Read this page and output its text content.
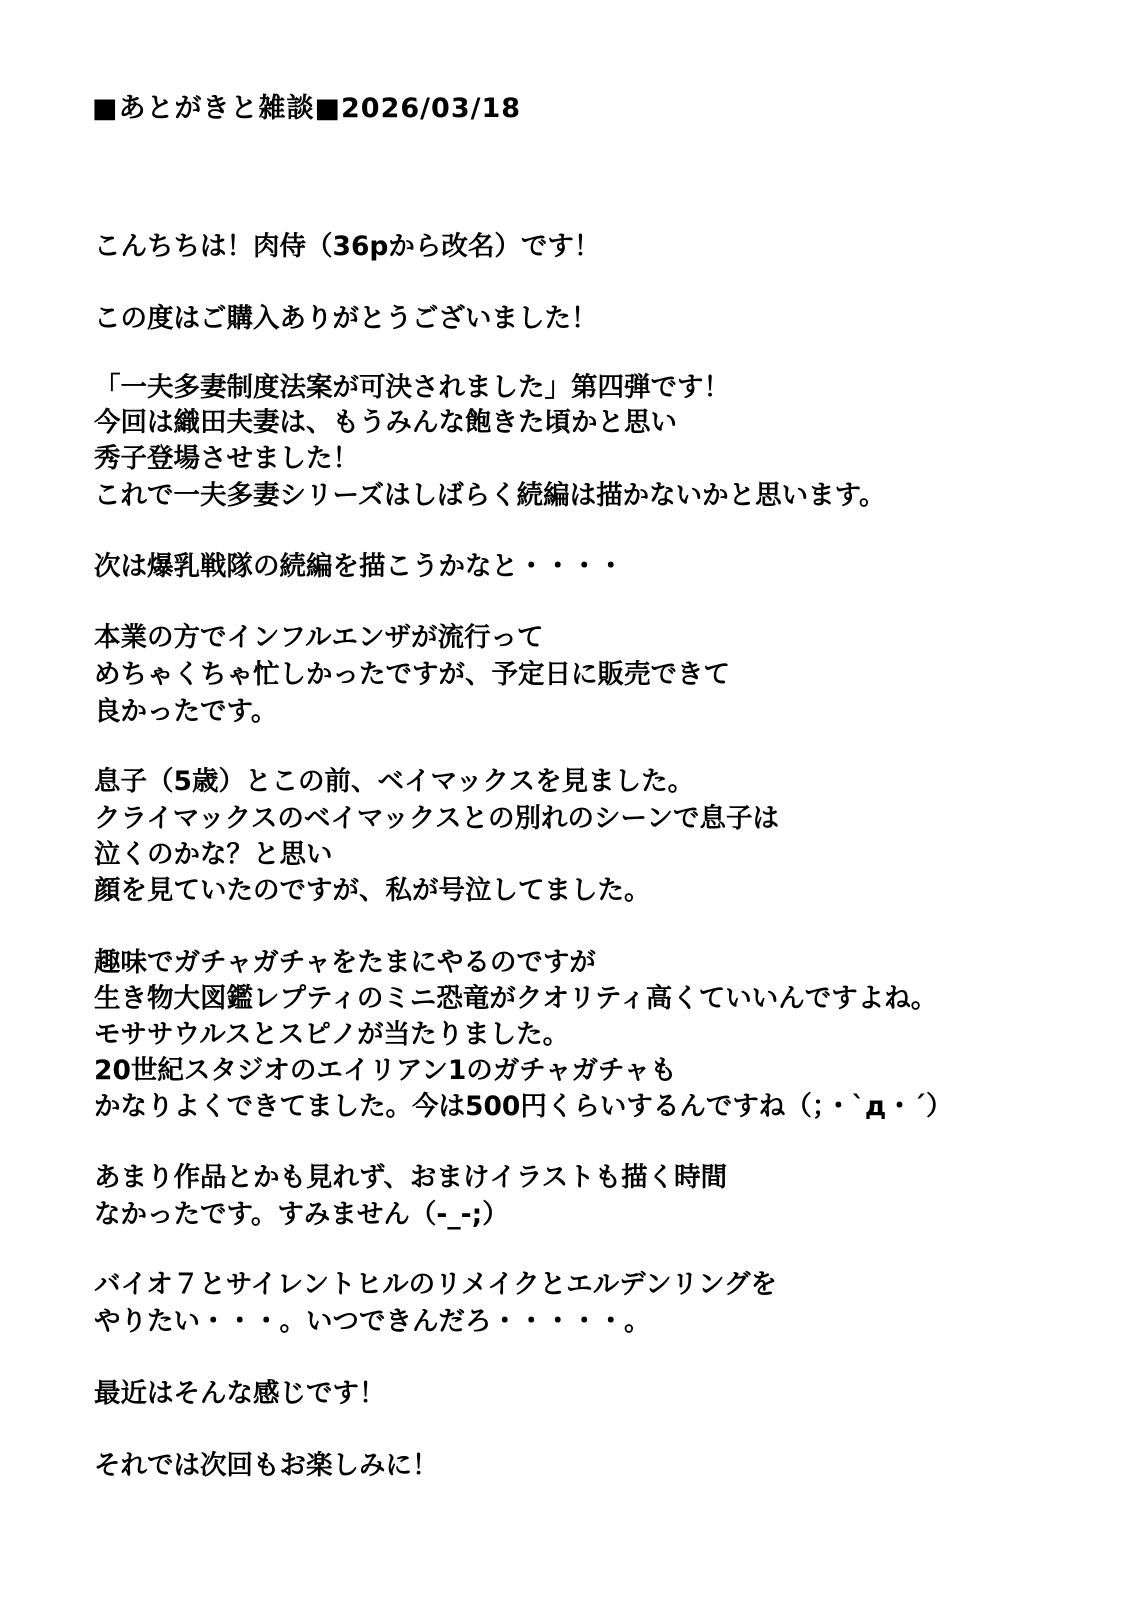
■あとがきと雑談■2026/03/18
こんちちは！肉侍（36pから改名）です！
この度はご購入ありがとうございました！
「一夫多妻制度法案が可決されました」第四弾です！
今回は織田夫妻は、もうみんな飽きた頃かと思い
秀子登場させました！
これで一夫多妻シリーズはしばらく続編は描かないかと思います。
次は爆乳戦隊の続編を描こうかなと・・・・
本業の方でインフルエンザが流行って
めちゃくちゃ忙しかったですが、予定日に販売できて
良かったです。
息子（5歳）とこの前、ベイマックスを見ました。
クライマックスのベイマックスとの別れのシーンで息子は
泣くのかな？と思い
顔を見ていたのですが、私が号泣してました。
趣味でガチャガチャをたまにやるのですが
生き物大図鑑レプティのミニ恐竜がクオリティ高くていいんですよね。
モササウルスとスピノが当たりました。
20世紀スタジオのエイリアン1のガチャガチャも
かなりよくできてました。今は500円くらいするんですね（；・`д・´）
あまり作品とかも見れず、おまけイラストも描く時間
なかったです。すみません（-_-;）
バイオ７とサイレントヒルのリメイクとエルデンリングを
やりたい・・・。いつできんだろ・・・・・。
最近はそんな感じです！
それでは次回もお楽しみに！
